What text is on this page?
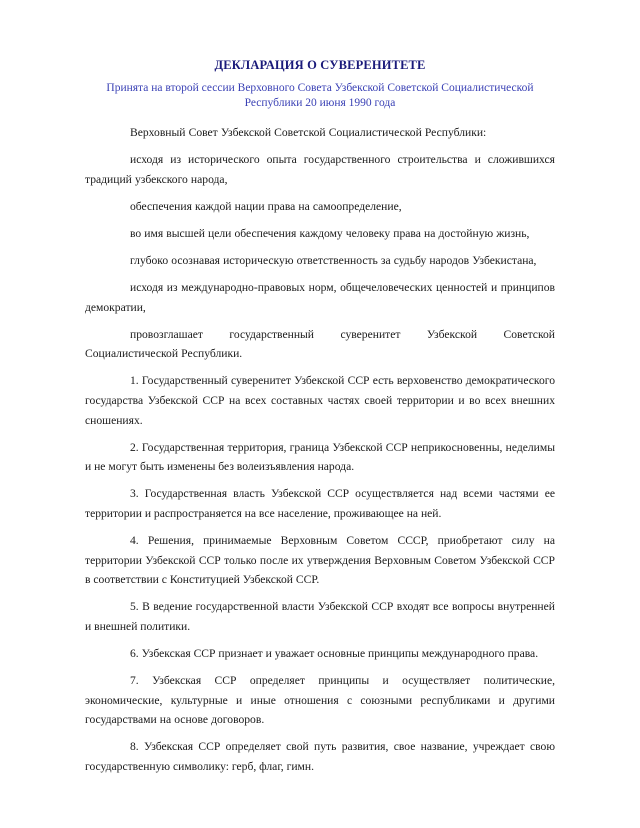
ДЕКЛАРАЦИЯ О СУВЕРЕНИТЕТЕ
Принята на второй сессии Верховного Совета Узбекской Советской Социалистической Республики 20 июня 1990 года

Верховный Совет Узбекской Советской Социалистической Республики:

исходя из исторического опыта государственного строительства и сложившихся традиций узбекского народа,

обеспечения каждой нации права на самоопределение,

во имя высшей цели обеспечения каждому человеку права на достойную жизнь,

глубоко осознавая историческую ответственность за судьбу народов Узбекистана,

исходя из международно-правовых норм, общечеловеческих ценностей и принципов демократии,

провозглашает государственный суверенитет Узбекской Советской Социалистической Республики.

1. Государственный суверенитет Узбекской ССР есть верховенство демократического государства Узбекской ССР на всех составных частях своей территории и во всех внешних сношениях.

2. Государственная территория, граница Узбекской ССР неприкосновенны, неделимы и не могут быть изменены без волеизъявления народа.

3. Государственная власть Узбекской ССР осуществляется над всеми частями ее территории и распространяется на все население, проживающее на ней.

4. Решения, принимаемые Верховным Советом СССР, приобретают силу на территории Узбекской ССР только после их утверждения Верховным Советом Узбекской ССР в соответствии с Конституцией Узбекской ССР.

5. В ведение государственной власти Узбекской ССР входят все вопросы внутренней и внешней политики.

6. Узбекская ССР признает и уважает основные принципы международного права.

7. Узбекская ССР определяет принципы и осуществляет политические, экономические, культурные и иные отношения с союзными республиками и другими государствами на основе договоров.

8. Узбекская ССР определяет свой путь развития, свое название, учреждает свою государственную символику: герб, флаг, гимн.
